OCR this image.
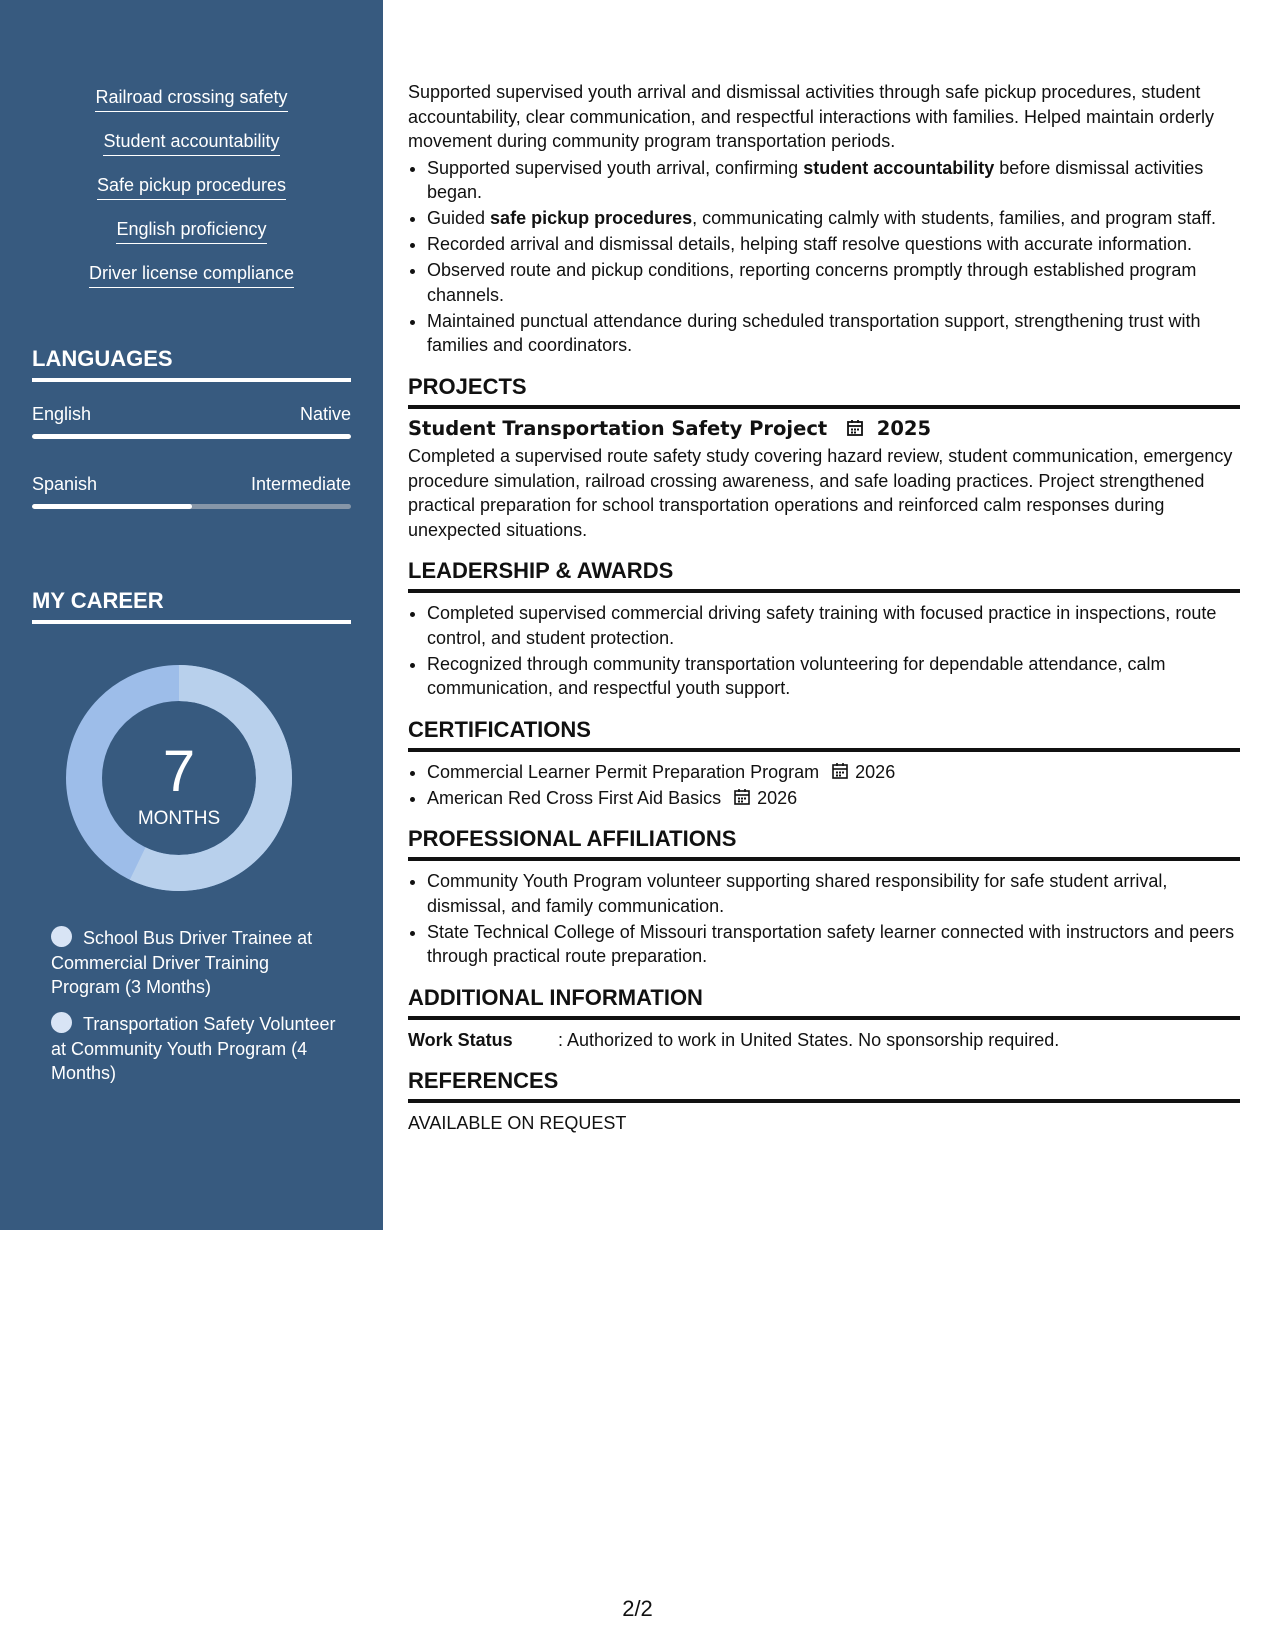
Railroad crossing safety
Student accountability
Safe pickup procedures
English proficiency
Driver license compliance
LANGUAGES
English	Native
Spanish	Intermediate
MY CAREER
7
MONTHS
School Bus Driver Trainee at Commercial Driver Training Program (3 Months)
Transportation Safety Volunteer at Community Youth Program (4 Months)

Supported supervised youth arrival and dismissal activities through safe pickup procedures, student accountability, clear communication, and respectful interactions with families. Helped maintain orderly movement during community program transportation periods.

• Supported supervised youth arrival, confirming student accountability before dismissal activities began.
• Guided safe pickup procedures, communicating calmly with students, families, and program staff.
• Recorded arrival and dismissal details, helping staff resolve questions with accurate information.
• Observed route and pickup conditions, reporting concerns promptly through established program channels.
• Maintained punctual attendance during scheduled transportation support, strengthening trust with families and coordinators.
PROJECTS
Student Transportation Safety Project	2025

Completed a supervised route safety study covering hazard review, student communication, emergency procedure simulation, railroad crossing awareness, and safe loading practices. Project strengthened practical preparation for school transportation operations and reinforced calm responses during unexpected situations.

LEADERSHIP & AWARDS
• Completed supervised commercial driving safety training with focused practice in inspections, route control, and student protection.
• Recognized through community transportation volunteering for dependable attendance, calm communication, and respectful youth support.
CERTIFICATIONS
• Commercial Learner Permit Preparation Program 2026
• American Red Cross First Aid Basics 2026
PROFESSIONAL AFFILIATIONS
• Community Youth Program volunteer supporting shared responsibility for safe student arrival, dismissal, and family communication.
• State Technical College of Missouri transportation safety learner connected with instructors and peers through practical route preparation.
ADDITIONAL INFORMATION
Work Status	: Authorized to work in United States. No sponsorship required.
REFERENCES

AVAILABLE ON REQUEST

2/2
